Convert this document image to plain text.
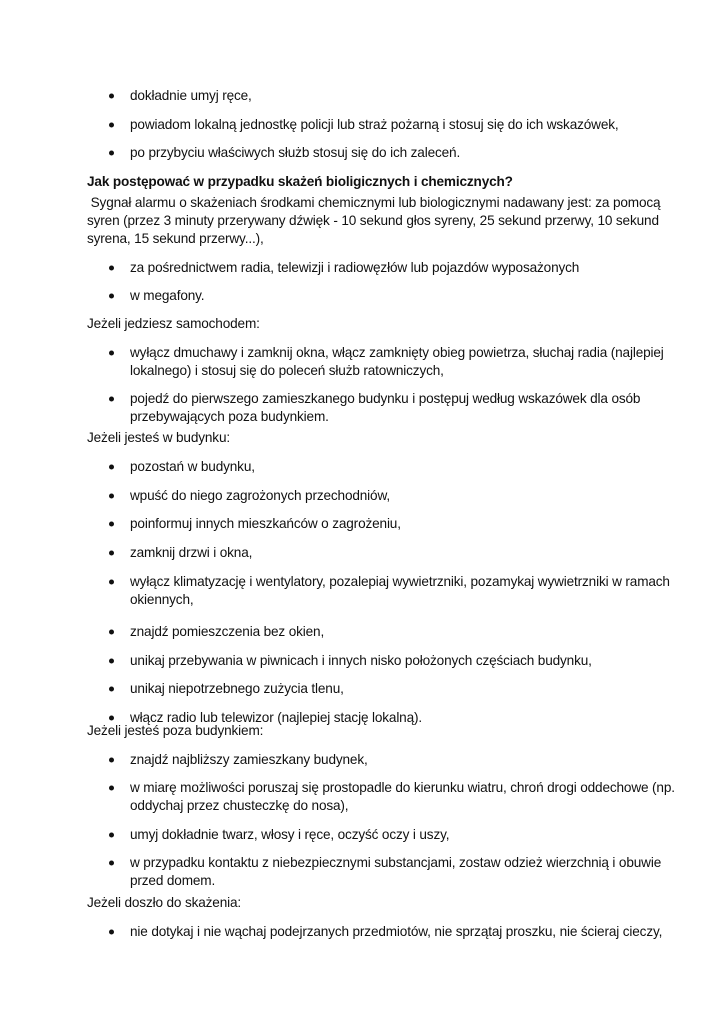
dokładnie umyj ręce,
powiadom lokalną jednostkę policji lub straż pożarną i stosuj się do ich wskazówek,
po przybyciu właściwych służb stosuj się do ich zaleceń.
Jak postępować w przypadku skażeń bioligicznych i chemicznych?
Sygnał alarmu o skażeniach środkami chemicznymi lub biologicznymi nadawany jest: za pomocą
syren (przez 3 minuty przerywany dźwięk - 10 sekund głos syreny, 25 sekund przerwy, 10 sekund
syrena, 15 sekund przerwy...),
za pośrednictwem radia, telewizji i radiowęzłów lub pojazdów wyposażonych
w megafony.
Jeżeli jedziesz samochodem:
wyłącz dmuchawy i zamknij okna, włącz zamknięty obieg powietrza, słuchaj radia (najlepiej
lokalnego) i stosuj się do poleceń służb ratowniczych,
pojedź do pierwszego zamieszkanego budynku i postępuj według wskazówek dla osób
przebywających poza budynkiem.
Jeżeli jesteś w budynku:
pozostań w budynku,
wpuść do niego zagrożonych przechodniów,
poinformuj innych mieszkańców o zagrożeniu,
zamknij drzwi i okna,
wyłącz klimatyzację i wentylatory, pozalepiaj wywietrzniki, pozamykaj wywietrzniki w ramach
okiennych,
znajdź pomieszczenia bez okien,
unikaj przebywania w piwnicach i innych nisko położonych częściach budynku,
unikaj niepotrzebnego zużycia tlenu,
włącz radio lub telewizor (najlepiej stację lokalną).
Jeżeli jesteś poza budynkiem:
znajdź najbliższy zamieszkany budynek,
w miarę możliwości poruszaj się prostopadle do kierunku wiatru, chroń drogi oddechowe (np.
oddychaj przez chusteczkę do nosa),
umyj dokładnie twarz, włosy i ręce, oczyść oczy i uszy,
w przypadku kontaktu z niebezpiecznymi substancjami, zostaw odzież wierzchnią i obuwie
przed domem.
Jeżeli doszło do skażenia:
nie dotykaj i nie wąchaj podejrzanych przedmiotów, nie sprzątaj proszku, nie ścieraj cieczy,
